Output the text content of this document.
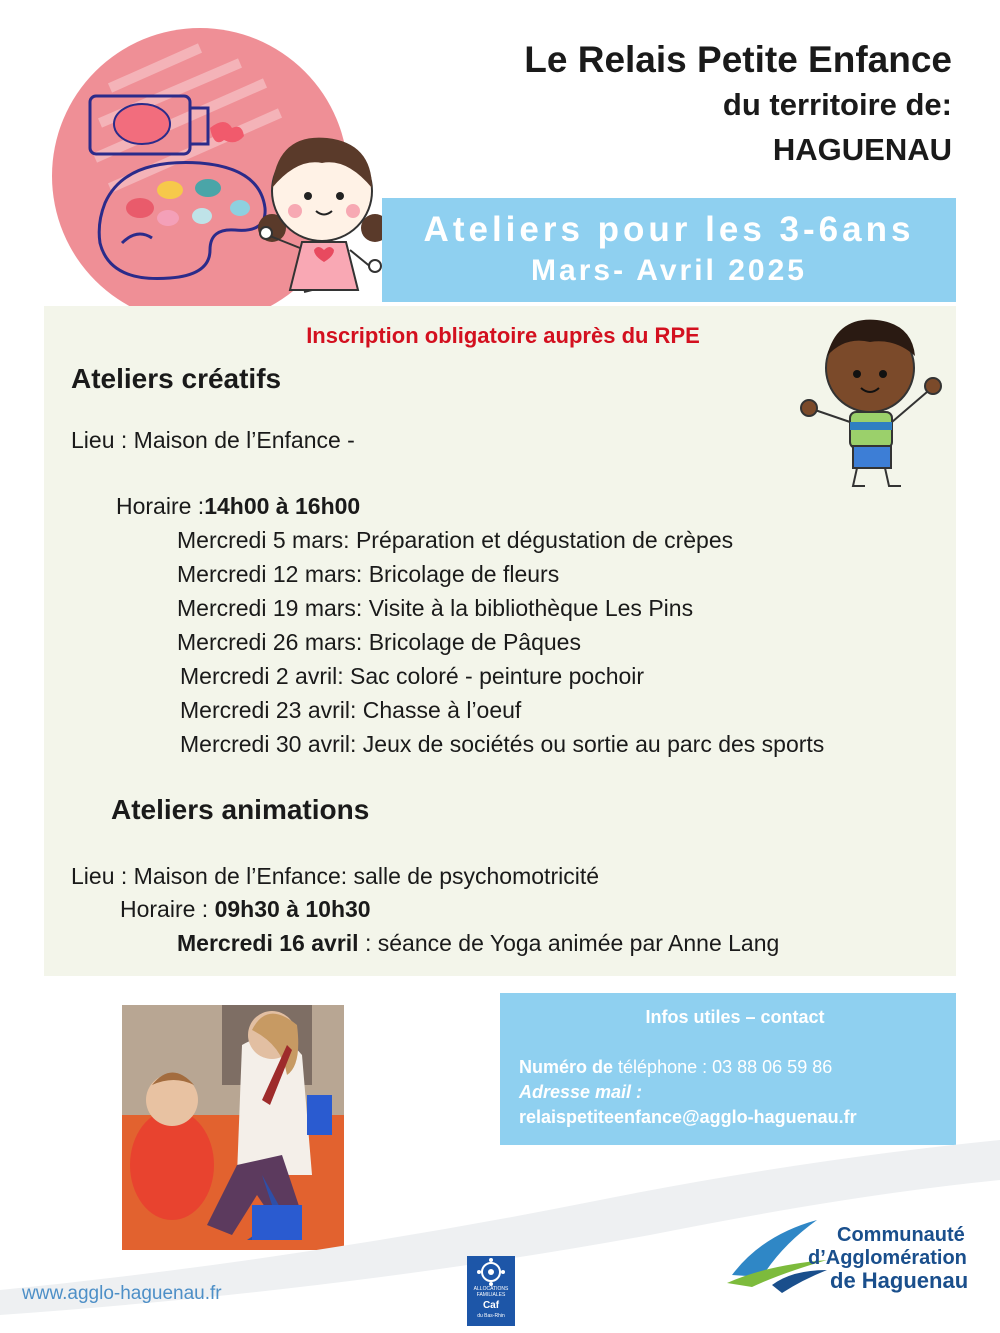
Le Relais Petite Enfance
du territoire de:
HAGUENAU
Ateliers pour les 3-6ans
Mars- Avril 2025
Inscription obligatoire auprès du RPE
Ateliers créatifs
Lieu : Maison de l’Enfance -
Horaire :14h00 à 16h00
Mercredi 5 mars: Préparation et dégustation de crèpes
Mercredi 12 mars: Bricolage de fleurs
Mercredi 19 mars: Visite à la bibliothèque Les Pins
Mercredi 26 mars: Bricolage de Pâques
Mercredi 2 avril: Sac coloré - peinture pochoir
Mercredi 23 avril: Chasse à l’oeuf
Mercredi 30 avril: Jeux de sociétés ou sortie au parc des sports
Ateliers animations
Lieu : Maison de l’Enfance: salle de psychomotricité
Horaire : 09h30 à 10h30
Mercredi 16 avril : séance de Yoga animée par Anne Lang
Infos utiles – contact
Numéro de téléphone : 03 88 06 59 86
Adresse mail :
relaispetiteenfance@agglo-haguenau.fr
www.agglo-haguenau.fr	ALLOCATIONS
FAMILIALES
Caf
du Bas-Rhin
Communauté
d’Agglomération
de Haguenau
